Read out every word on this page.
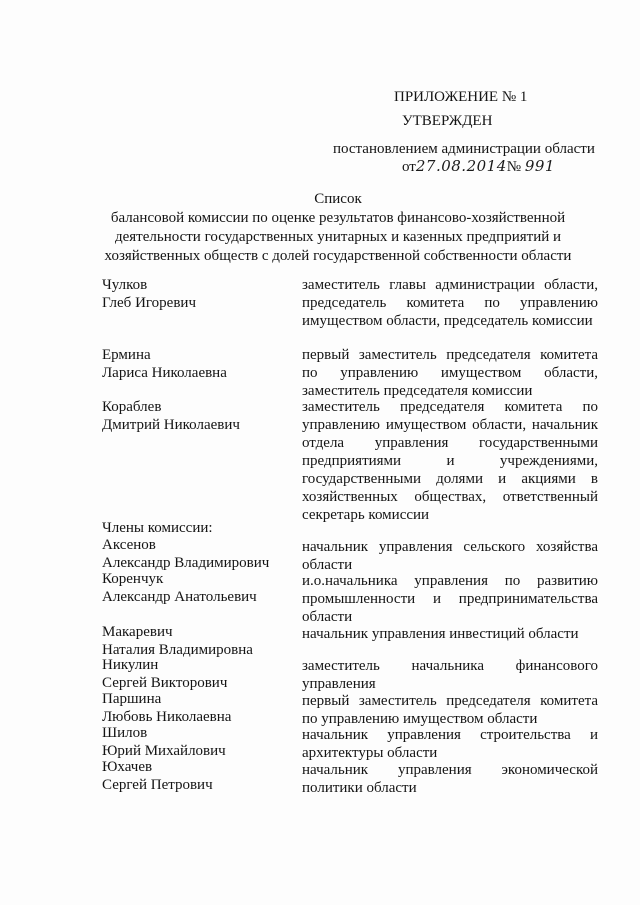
ПРИЛОЖЕНИЕ № 1
УТВЕРЖДЕН
постановлением администрации области
от27.08.2014№ 991
Список
балансовой комиссии по оценке результатов финансово-хозяйственной
деятельности государственных унитарных и казенных предприятий и
хозяйственных обществ с долей государственной собственности области
Чулков
Глеб Игоревич
заместитель главы администрации области, председатель комитета по управлению имуществом области, председатель комиссии
Ермина
Лариса Николаевна
первый заместитель председателя комитета по управлению имуществом области, заместитель председателя комиссии
Кораблев
Дмитрий Николаевич
заместитель председателя комитета по управлению имуществом области, начальник отдела управления государственными предприятиями и учреждениями, государственными долями и акциями в хозяйственных обществах, ответственный секретарь комиссии
Члены комиссии:
Аксенов
Александр Владимирович
начальник управления сельского хозяйства области
Коренчук
Александр Анатольевич
и.о.начальника управления по развитию промышленности и предпринимательства области
Макаревич
Наталия Владимировна
начальник управления инвестиций области
Никулин
Сергей Викторович
заместитель начальника финансового управления
Паршина
Любовь Николаевна
первый заместитель председателя комитета по управлению имуществом области
Шилов
Юрий Михайлович
начальник управления строительства и архитектуры области
Юхачев
Сергей Петрович
начальник управления экономической политики области
